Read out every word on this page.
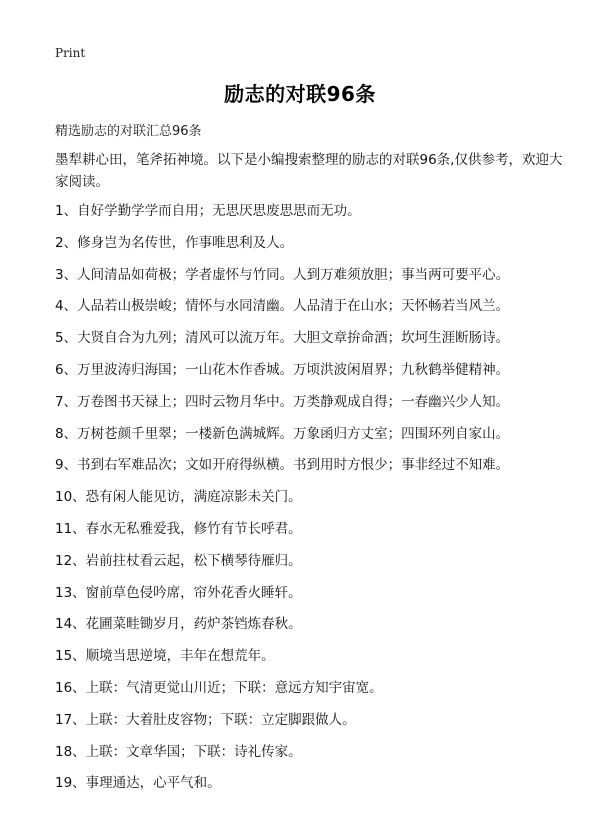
Print
励志的对联96条
精选励志的对联汇总96条
墨犁耕心田，笔斧拓神境。以下是小编搜索整理的励志的对联96条,仅供参考，欢迎大家阅读。
1、自好学勤学学而自用；无思厌思废思思而无功。
2、修身岂为名传世，作事唯思利及人。
3、人间清品如荷极；学者虚怀与竹同。人到万难须放胆；事当两可要平心。
4、人品若山极崇峻；情怀与水同清幽。人品清于在山水；天怀畅若当风兰。
5、大贤自合为九列；清风可以流万年。大胆文章拚命酒；坎坷生涯断肠诗。
6、万里波涛归海国；一山花木作香城。万顷洪波闲眉界；九秋鹤举健精神。
7、万卷图书天禄上；四时云物月华中。万类静观成自得；一春幽兴少人知。
8、万树苍颜千里翠；一楼新色满城辉。万象函归方丈室；四围环列自家山。
9、书到右军难品次；文如开府得纵横。书到用时方恨少；事非经过不知难。
10、恐有闲人能见访，满庭凉影未关门。
11、春水无私雅爱我，修竹有节长呼君。
12、岩前拄杖看云起，松下横琴待雁归。
13、窗前草色侵吟席，帘外花香火睡轩。
14、花圃菜畦锄岁月，药炉茶铛炼春秋。
15、顺境当思逆境，丰年在想荒年。
16、上联：气清更觉山川近；下联：意远方知宇宙宽。
17、上联：大着肚皮容物；下联：立定脚跟做人。
18、上联：文章华国；下联：诗礼传家。
19、事理通达，心平气和。
